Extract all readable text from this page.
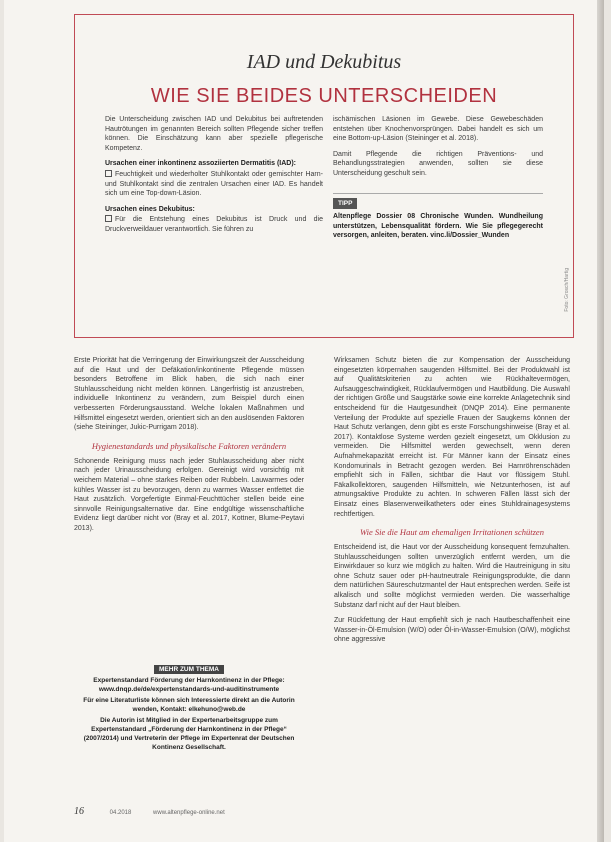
IAD und Dekubitus
WIE SIE BEIDES UNTERSCHEIDEN

Die Unterscheidung zwischen IAD und Dekubitus bei auftretenden Hautrötungen im genannten Bereich sollten Pflegende sicher treffen können. Die Einschätzung kann aber spezielle pflegerische Kompetenz.

Ursachen einer inkontinenz assoziierten Dermatitis (IAD):

Feuchtigkeit und wiederholter Stuhlkontakt oder gemischter Harn- und Stuhlkontakt sind die zentralen Ursachen einer IAD. Es handelt sich um eine Top-down-Läsion.

Ursachen eines Dekubitus:

Für die Entstehung eines Dekubitus ist Druck und die Druckverweildauer verantwortlich. Sie führen zu

ischämischen Läsionen im Gewebe. Diese Gewebeschäden entstehen über Knochenvorsprüngen. Dabei handelt es sich um eine Bottom-up-Läsion (Steininger et al. 2018).

Damit Pflegende die richtigen Präventions- und Behandlungsstrategien anwenden, sollten sie diese Unterscheidung geschult sein.

TIPP
Altenpflege Dossier 08 Chronische Wunden. Wundheilung unterstützen, Lebensqualität fördern. Wie Sie pflegegerecht versorgen, anleiten, beraten. vinc.li/Dossier_Wunden
Foto: Grosch/Hartig

Erste Priorität hat die Verringerung der Einwirkungszeit der Ausscheidung auf die Haut und der Defäkation/inkontinente Pflegende müssen besonders Betroffene im Blick haben, die sich nach einer Stuhlausscheidung nicht melden können. Längerfristig ist anzustreben, individuelle Inkontinenz zu verändern, zum Beispiel durch einen verbesserten Förderungsausstand. Welche lokalen Maßnahmen und Hilfsmittel eingesetzt werden, orientiert sich an den auslösenden Faktoren (siehe Steininger, Jukic-Purrigam 2018).

Hygienestandards und physikalische Faktoren verändern

Schonende Reinigung muss nach jeder Stuhlausscheidung aber nicht nach jeder Urinausscheidung erfolgen. Gereinigt wird vorsichtig mit weichem Material – ohne starkes Reiben oder Rubbeln. Lauwarmes oder kühles Wasser ist zu bevorzugen, denn zu warmes Wasser entfettet die Haut zusätzlich. Vorgefertigte Einmal-Feuchttücher stellen beide eine sinnvolle Reinigungsalternative dar. Eine endgültige wissenschaftliche Evidenz liegt darüber nicht vor (Bray et al. 2017, Kottner, Blume-Peytavi 2013).

Wirksamen Schutz bieten die zur Kompensation der Ausscheidung eingesetzten körpernahen saugenden Hilfsmittel. Bei der Produktwahl ist auf Qualitätskriterien zu achten wie Rückhaltevermögen, Aufsauggeschwindigkeit, Rücklaufvermögen und Hautbildung. Die Auswahl der richtigen Größe und Saugstärke sowie eine korrekte Anlagetechnik sind entscheidend für die Hautgesundheit (DNQP 2014). Eine permanente Verteilung der Produkte auf spezielle Frauen der Saugkerns können der Haut Schutz verlangen, denn gibt es erste Forschungshinweise (Bray et al. 2017). Kontaktlose Systeme werden gezielt eingesetzt, um Okklusion zu vermeiden. Die Hilfsmittel werden gewechselt, wenn deren Aufnahmekapazität erreicht ist. Für Männer kann der Einsatz eines Kondomurinals in Betracht gezogen werden. Bei Harnröhrenschäden empfiehlt sich in Fällen, sichtbar die Haut vor flüssigem Stuhl. Fäkalkollektoren, saugenden Hilfsmitteln, wie Netzunterhosen, ist auf atmungsaktive Produkte zu achten. In schweren Fällen lässt sich der Einsatz eines Blasenverweilkatheters oder eines Stuhldrainagesystems rechtfertigen.

Wie Sie die Haut am ehemaligen Irritationen schützen

Entscheidend ist, die Haut vor der Ausscheidung konsequent fernzuhalten. Stuhlausscheidungen sollten unverzüglich entfernt werden, um die Einwirkdauer so kurz wie möglich zu halten. Wird die Hautreinigung in situ ohne Schutz sauer oder pH-hautneutrale Reinigungsprodukte, die dann dem natürlichen Säureschutzmantel der Haut entsprechen werden. Seife ist alkalisch und sollte möglichst vermieden werden. Die wasserhaltige Substanz darf nicht auf der Haut bleiben.

Zur Rückfettung der Haut empfiehlt sich je nach Hautbeschaffenheit eine Wasser-in-Öl-Emulsion (W/O) oder Öl-in-Wasser-Emulsion (O/W), möglichst ohne aggressive

MEHR ZUM THEMA
Expertenstandard Förderung der Harnkontinenz in der Pflege:
www.dnqp.de/de/expertenstandards-und-auditinstrumente
Für eine Literaturliste können sich Interessierte direkt an die Autorin wenden, Kontakt: elkehuno@web.de
Die Autorin ist Mitglied in der Expertenarbeitsgruppe zum Expertenstandard „Förderung der Harnkontinenz in der Pflege“ (2007/2014) und Vertreterin der Pflege im Expertenrat der Deutschen Kontinenz Gesellschaft.
16	04.2018	www.altenpflege-online.net
